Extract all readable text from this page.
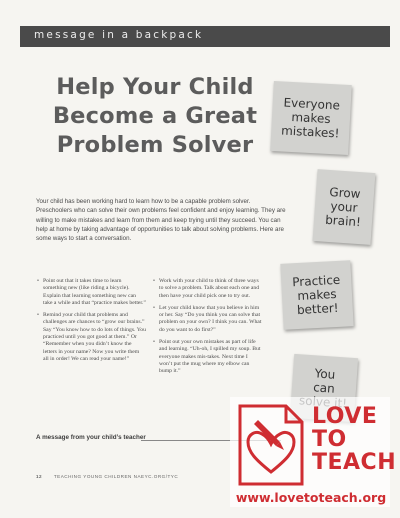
message in a backpack
Help Your Child
Become a Great
Problem Solver
Your child has been working hard to learn how to be a capable problem solver. Preschoolers who can solve their own problems feel confident and enjoy learning. They are willing to make mistakes and learn from them and keep trying until they succeed. You can help at home by taking advantage of opportunities to talk about solving problems. Here are some ways to start a conversation.
• Point out that it takes time to learn something new (like riding a bicycle). Explain that learning something new can take a while and that “practice makes better.”
• Remind your child that problems and challenges are chances to “grow our brains.” Say “You know how to do lots of things. You practiced until you got good at them.” Or “Remember when you didn’t know the letters in your name? Now you write them all in order! We can read your name!”
• Work with your child to think of three ways to solve a problem. Talk about each one and then have your child pick one to try out.
• Let your child know that you believe in him or her. Say “Do you think you can solve that problem on your own? I think you can. What do you want to do first?”
• Point out your own mistakes as part of life and learning. “Uh-oh, I spilled my soup. But everyone makes mis-takes. Next time I won’t put the mug where my elbow can bump it.”
Everyone
makes
mistakes!
Grow
your
brain!
Practice
makes
better!
You
can

A message from your child’s teacher
12	TEACHING YOUNG CHILDREN NAEYC.ORG/TYC
LOVE
TO
TEACH
www.lovetoteach.org
